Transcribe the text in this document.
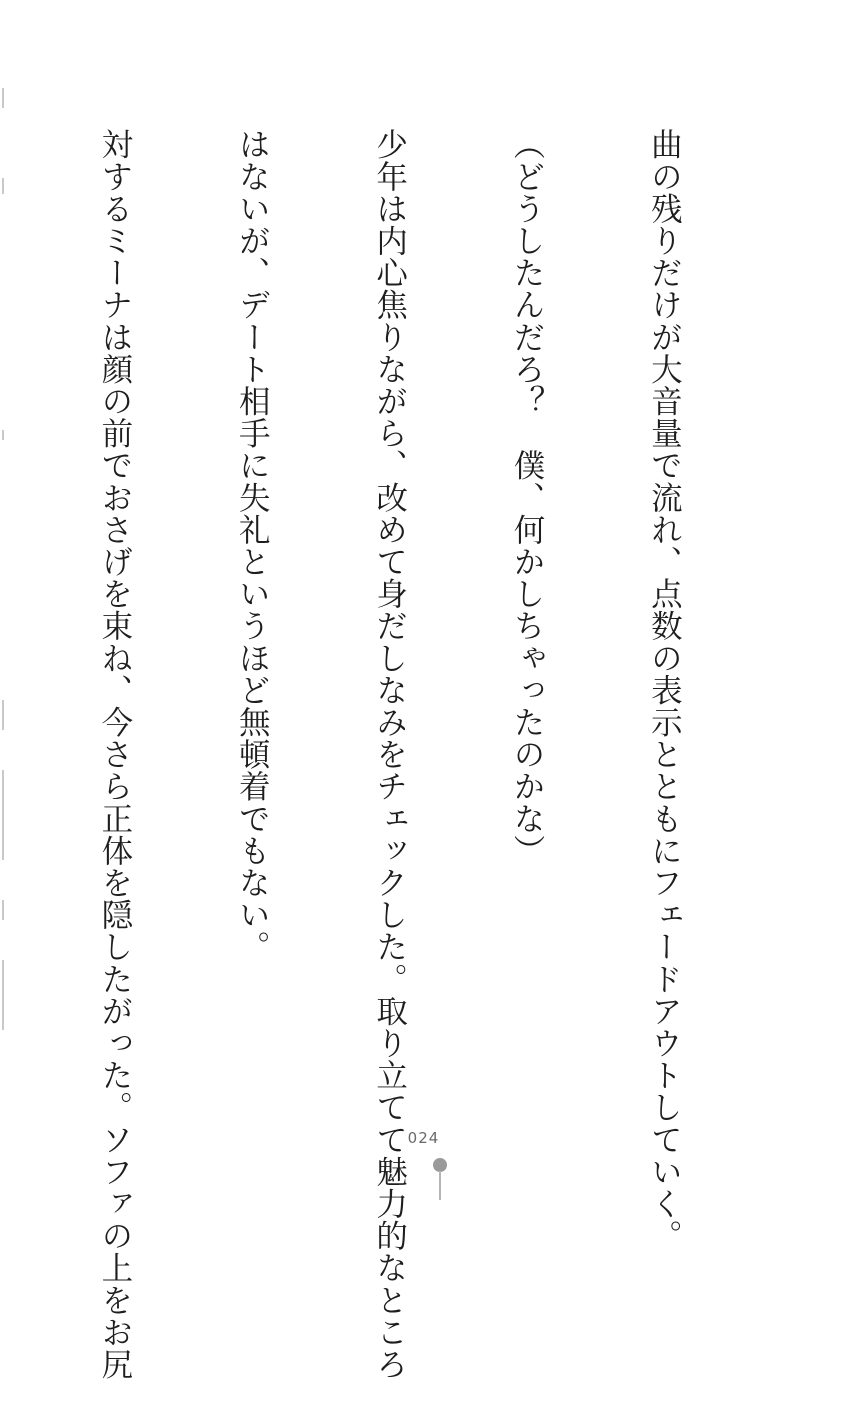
曲の残りだけが大音量で流れ、点数の表示とともにフェードアウトしていく。

（どうしたんだろ？　僕、何かしちゃったのかな）

少年は内心焦りながら、改めて身だしなみをチェックした。取り立てて魅力的なところ

はないが、デート相手に失礼というほど無頓着でもない。

対するミーナは顔の前でおさげを束ね、今さら正体を隠したがった。ソファの上をお尻

	024
